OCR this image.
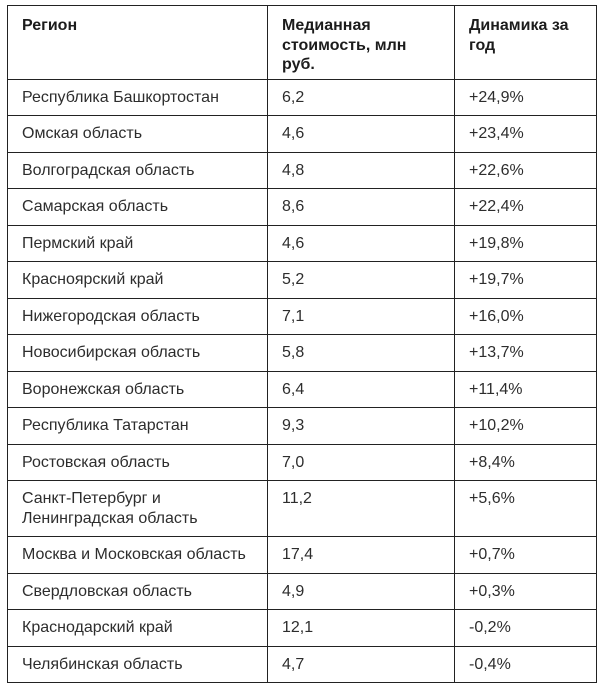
Регион	Медианная стоимость, млн руб.	Динамика за год
Республика Башкортостан	6,2	+24,9%
Омская область	4,6	+23,4%
Волгоградская область	4,8	+22,6%
Самарская область	8,6	+22,4%
Пермский край	4,6	+19,8%
Красноярский край	5,2	+19,7%
Нижегородская область	7,1	+16,0%
Новосибирская область	5,8	+13,7%
Воронежская область	6,4	+11,4%
Республика Татарстан	9,3	+10,2%
Ростовская область	7,0	+8,4%
Санкт-Петербург и Ленинградская область	11,2	+5,6%
Москва и Московская область	17,4	+0,7%
Свердловская область	4,9	+0,3%
Краснодарский край	12,1	-0,2%
Челябинская область	4,7	-0,4%
